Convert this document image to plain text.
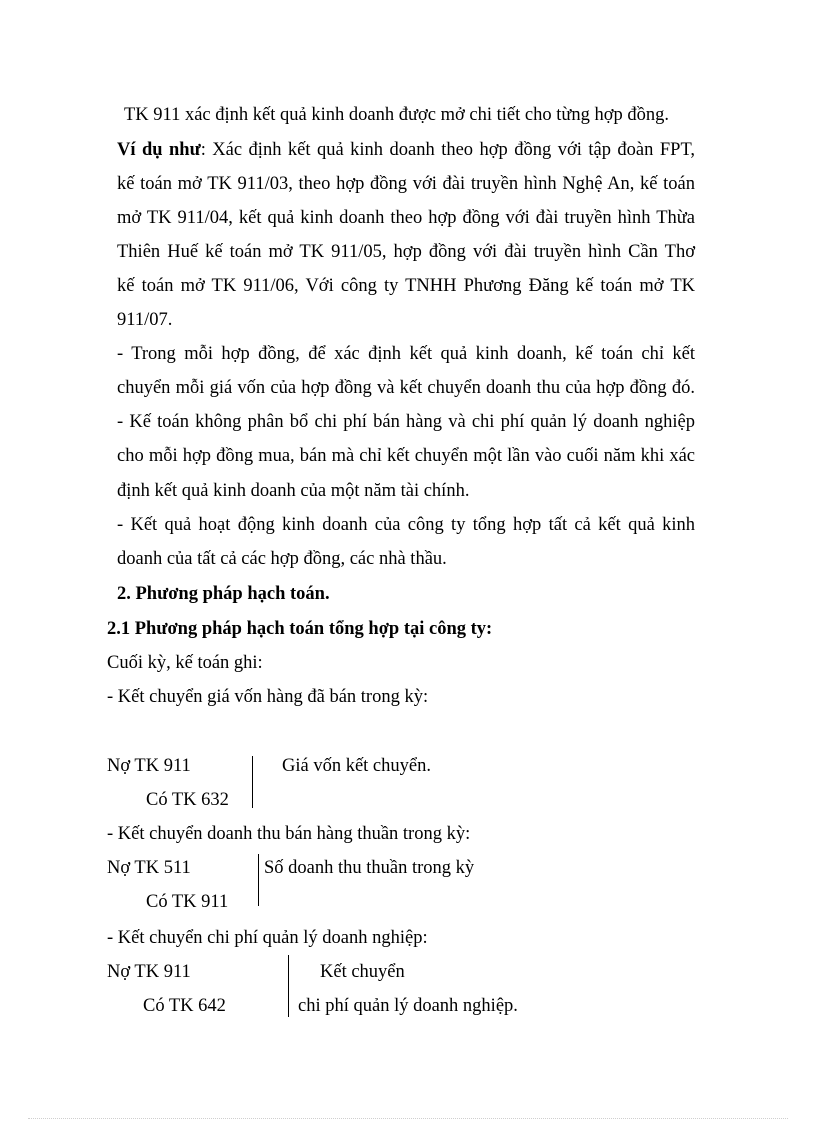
TK 911 xác định kết quả kinh doanh được mở chi tiết cho từng hợp đồng.
Ví dụ như: Xác định kết quả kinh doanh theo hợp đồng với tập đoàn FPT,
kế toán mở TK 911/03, theo hợp đồng với đài truyền hình Nghệ An, kế toán
mở TK 911/04, kết quả kinh doanh theo hợp đồng với đài truyền hình Thừa
Thiên Huế kế toán mở TK 911/05, hợp đồng với đài truyền hình Cần Thơ
kế toán mở TK 911/06, Với công ty TNHH Phương Đăng kế toán mở TK
911/07.
- Trong mỗi hợp đồng, để xác định kết quả kinh doanh, kế toán chỉ kết
chuyển mỗi giá vốn của hợp đồng và kết chuyển doanh thu của hợp đồng đó.
- Kế toán không phân bổ chi phí bán hàng và chi phí quản lý doanh nghiệp
cho mỗi hợp đồng mua, bán mà chỉ kết chuyển một lần vào cuối năm khi xác
định kết quả kinh doanh của một năm tài chính.
- Kết quả hoạt động kinh doanh của công ty tổng hợp tất cả kết quả kinh
doanh của tất cả các hợp đồng, các nhà thầu.
2. Phương pháp hạch toán.
2.1 Phương pháp hạch toán tổng hợp tại công ty:
Cuối kỳ, kế toán ghi:
- Kết chuyển giá vốn hàng đã bán trong kỳ:
Nợ TK 911
Có TK 632
Giá vốn kết chuyển.
- Kết chuyển doanh thu bán hàng thuần trong kỳ:
Nợ TK 511
Có TK 911
Số doanh thu thuần trong kỳ
- Kết chuyển chi phí quản lý doanh nghiệp:
Nợ TK 911
Có TK 642
Kết chuyển
chi phí quản lý doanh nghiệp.
